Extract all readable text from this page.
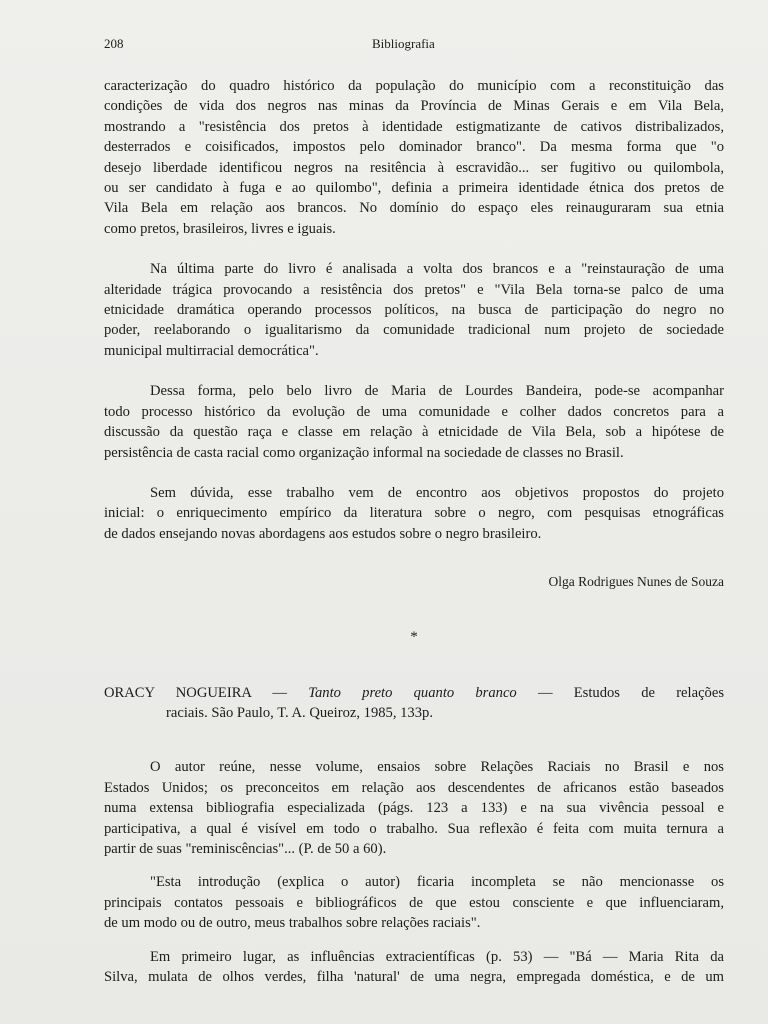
208	Bibliografia
caracterização do quadro histórico da população do município com a reconstituição das
condições de vida dos negros nas minas da Província de Minas Gerais e em Vila Bela,
mostrando a "resistência dos pretos à identidade estigmatizante de cativos distribalizados,
desterrados e coisificados, impostos pelo dominador branco". Da mesma forma que "o
desejo liberdade identificou negros na resitência à escravidão... ser fugitivo ou quilombola,
ou ser candidato à fuga e ao quilombo", definia a primeira identidade étnica dos pretos de
Vila Bela em relação aos brancos. No domínio do espaço eles reinauguraram sua etnia
como pretos, brasileiros, livres e iguais.
Na última parte do livro é analisada a volta dos brancos e a "reinstauração de uma
alteridade trágica provocando a resistência dos pretos" e "Vila Bela torna-se palco de uma
etnicidade dramática operando processos políticos, na busca de participação do negro no
poder, reelaborando o igualitarismo da comunidade tradicional num projeto de sociedade
municipal multirracial democrática".
Dessa forma, pelo belo livro de Maria de Lourdes Bandeira, pode-se acompanhar
todo processo histórico da evolução de uma comunidade e colher dados concretos para a
discussão da questão raça e classe em relação à etnicidade de Vila Bela, sob a hipótese de
persistência de casta racial como organização informal na sociedade de classes no Brasil.
Sem dúvida, esse trabalho vem de encontro aos objetivos propostos do projeto
inicial: o enriquecimento empírico da literatura sobre o negro, com pesquisas etnográficas
de dados ensejando novas abordagens aos estudos sobre o negro brasileiro.
Olga Rodrigues Nunes de Souza
*
ORACY NOGUEIRA — Tanto preto quanto branco — Estudos de relações
raciais. São Paulo, T. A. Queiroz, 1985, 133p.
O autor reúne, nesse volume, ensaios sobre Relações Raciais no Brasil e nos
Estados Unidos; os preconceitos em relação aos descendentes de africanos estão baseados
numa extensa bibliografia especializada (págs. 123 a 133) e na sua vivência pessoal e
participativa, a qual é visível em todo o trabalho. Sua reflexão é feita com muita ternura a
partir de suas "reminiscências"... (P. de 50 a 60).
"Esta introdução (explica o autor) ficaria incompleta se não mencionasse os
principais contatos pessoais e bibliográficos de que estou consciente e que influenciaram,
de um modo ou de outro, meus trabalhos sobre relações raciais".
Em primeiro lugar, as influências extracientíficas (p. 53) — "Bá — Maria Rita da
Silva, mulata de olhos verdes, filha 'natural' de uma negra, empregada doméstica, e de um
